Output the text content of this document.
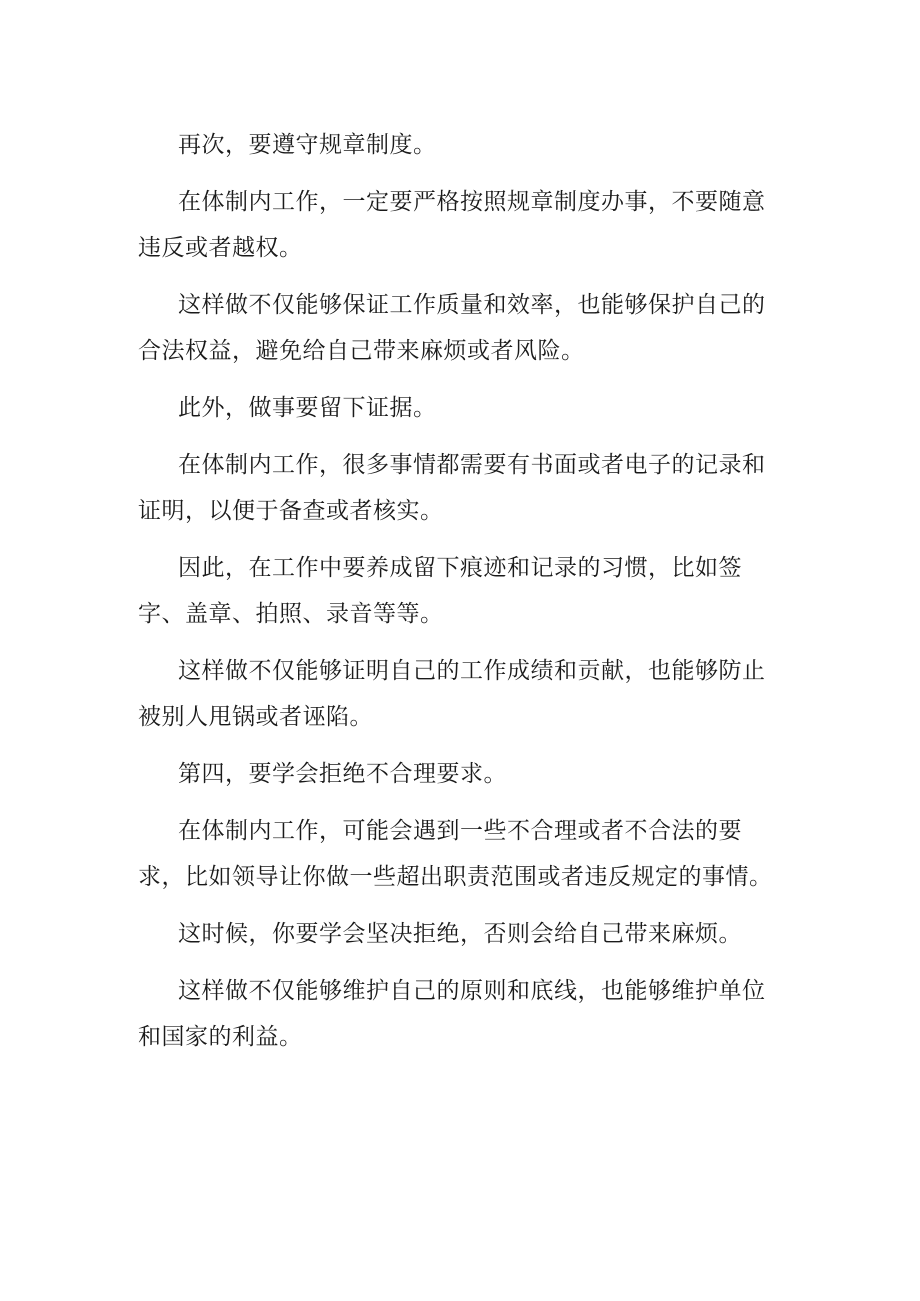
再次，要遵守规章制度。

在体制内工作，一定要严格按照规章制度办事，不要随意违反或者越权。

这样做不仅能够保证工作质量和效率，也能够保护自己的合法权益，避免给自己带来麻烦或者风险。

此外，做事要留下证据。

在体制内工作，很多事情都需要有书面或者电子的记录和证明，以便于备查或者核实。

因此，在工作中要养成留下痕迹和记录的习惯，比如签字、盖章、拍照、录音等等。

这样做不仅能够证明自己的工作成绩和贡献，也能够防止被别人甩锅或者诬陷。

第四，要学会拒绝不合理要求。

在体制内工作，可能会遇到一些不合理或者不合法的要求，比如领导让你做一些超出职责范围或者违反规定的事情。

这时候，你要学会坚决拒绝，否则会给自己带来麻烦。

这样做不仅能够维护自己的原则和底线，也能够维护单位和国家的利益。
